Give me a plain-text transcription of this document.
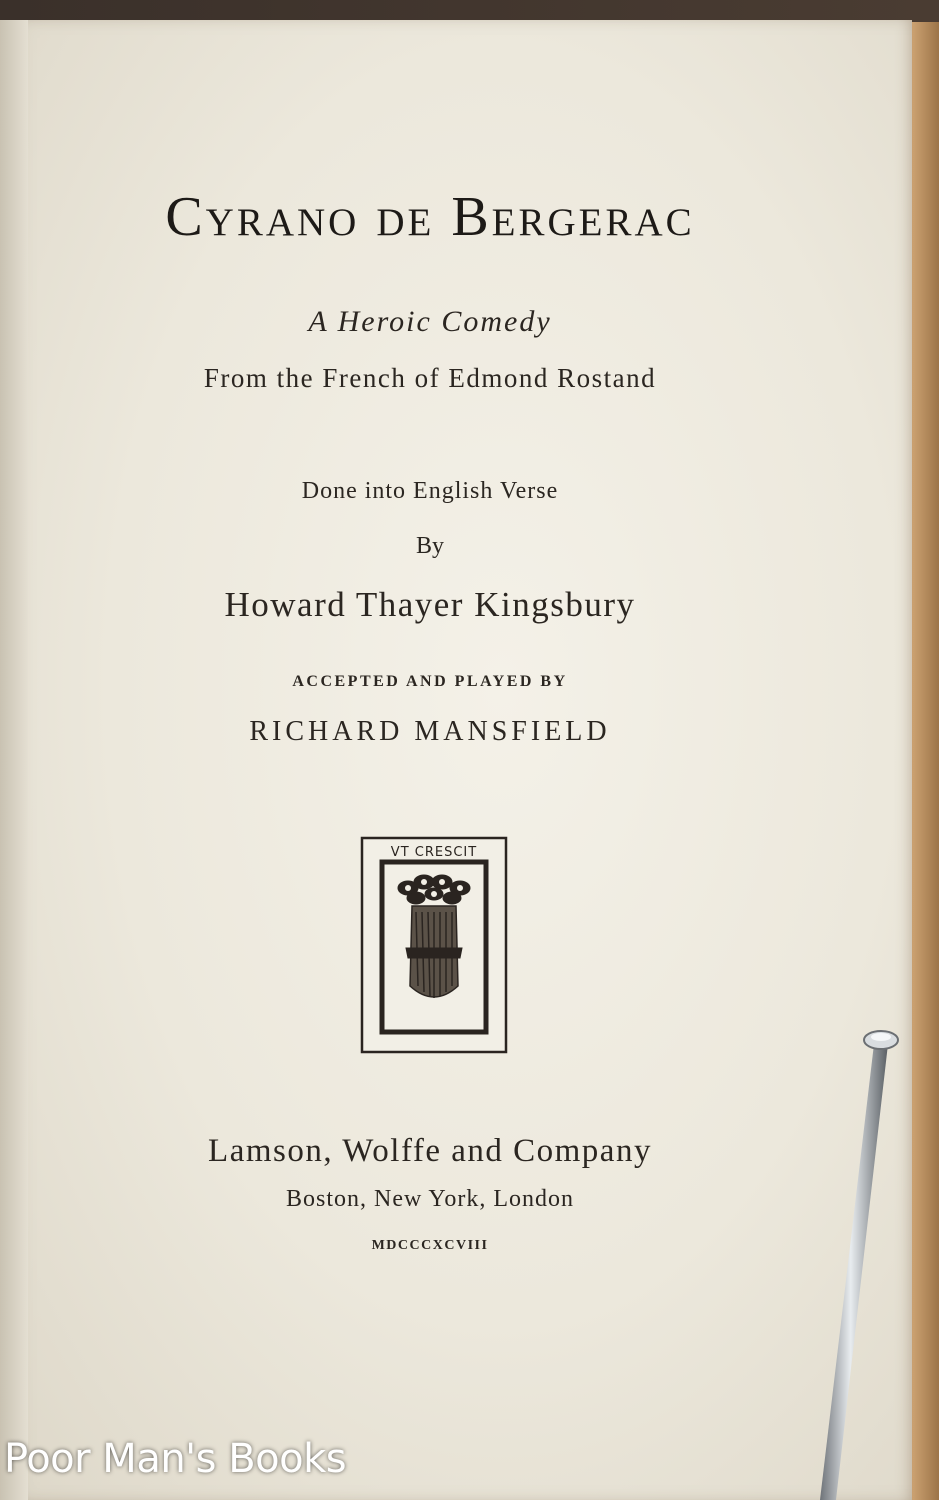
Cyrano de Bergerac
A Heroic Comedy
From the French of Edmond Rostand
Done into English Verse
By
Howard Thayer Kingsbury
ACCEPTED AND PLAYED BY
RICHARD MANSFIELD
VT CRESCIT
Lamson, Wolffe and Company
Boston, New York, London
MDCCCXCVIII
Poor Man's Books
